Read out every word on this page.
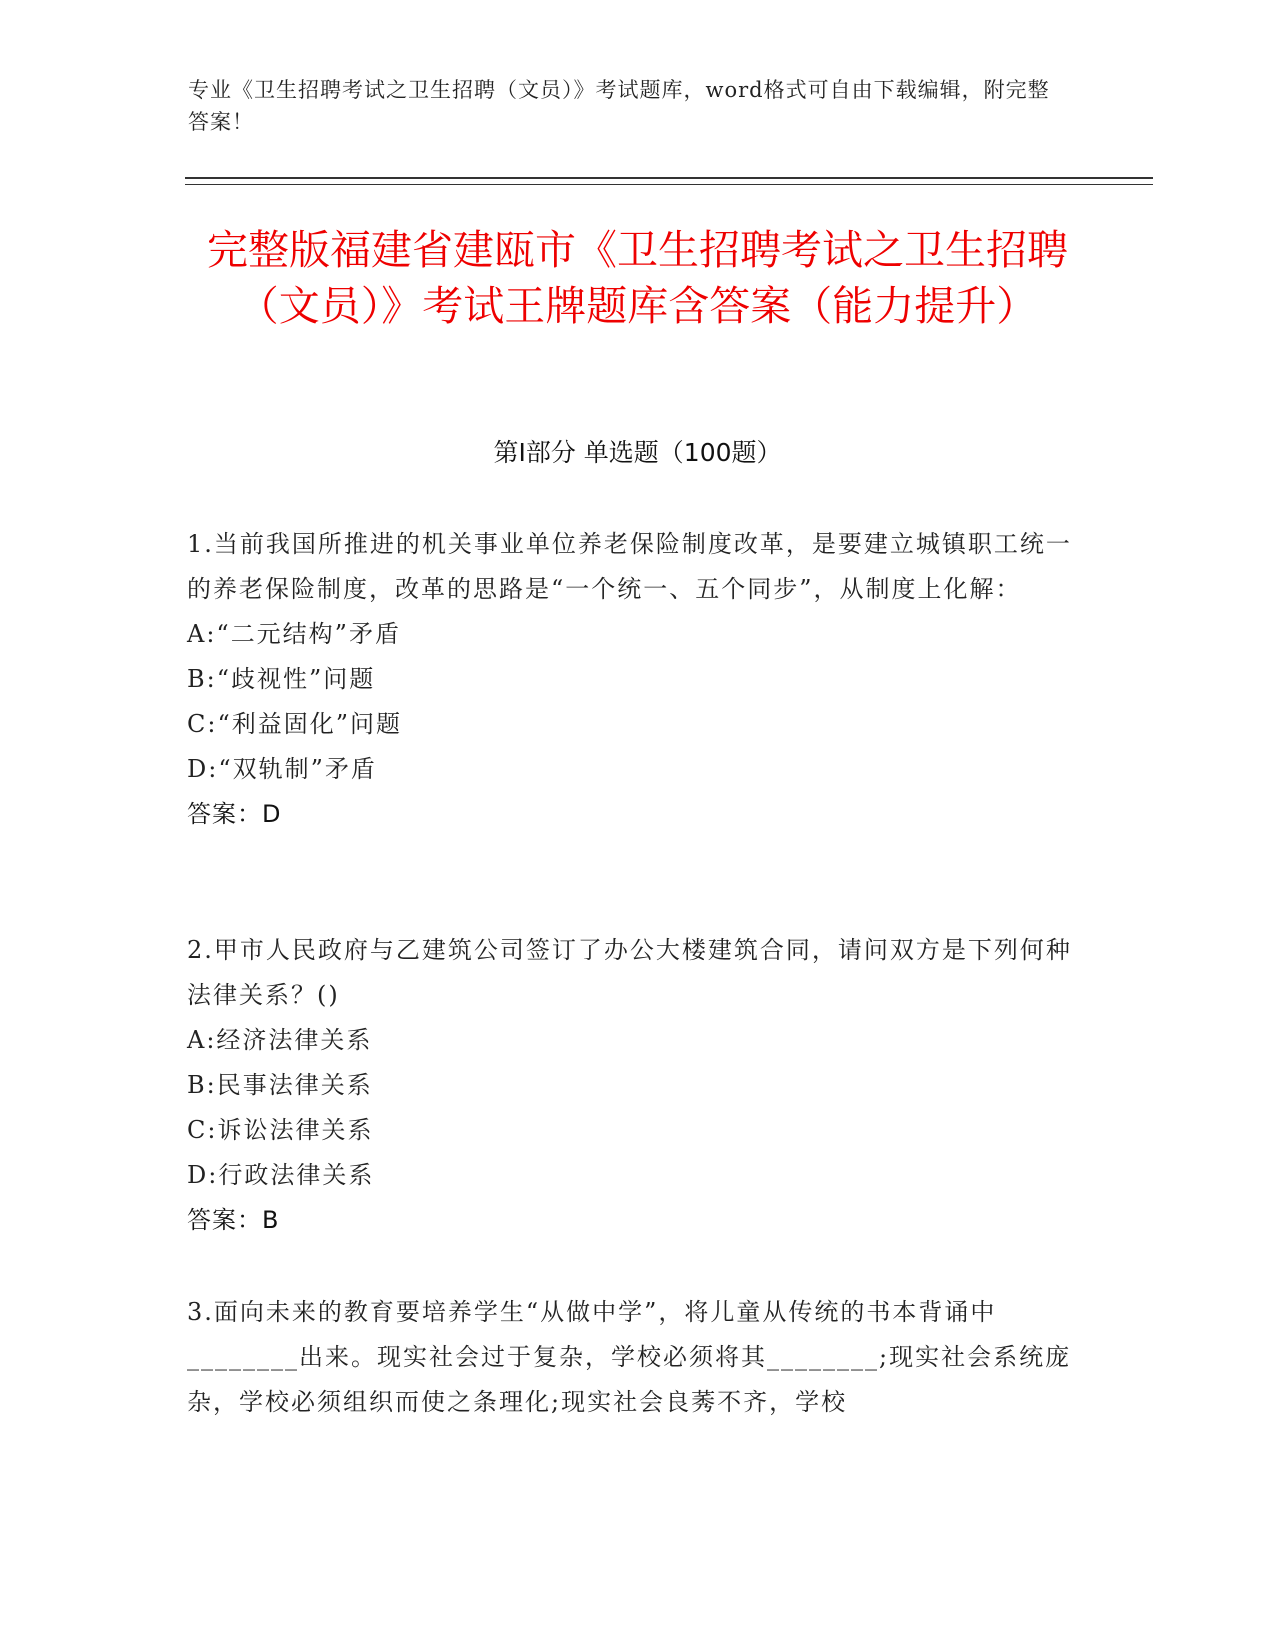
专业《卫生招聘考试之卫生招聘（文员）》考试题库，word格式可自由下载编辑，附完整答案！
完整版福建省建瓯市《卫生招聘考试之卫生招聘（文员）》考试王牌题库含答案（能力提升）
第I部分 单选题（100题）
1.当前我国所推进的机关事业单位养老保险制度改革，是要建立城镇职工统一的养老保险制度，改革的思路是“一个统一、五个同步”，从制度上化解：
A:“二元结构”矛盾
B:“歧视性”问题
C:“利益固化”问题
D:“双轨制”矛盾
答案：D
2.甲市人民政府与乙建筑公司签订了办公大楼建筑合同，请问双方是下列何种法律关系？()
A:经济法律关系
B:民事法律关系
C:诉讼法律关系
D:行政法律关系
答案：B
3.面向未来的教育要培养学生“从做中学”，将儿童从传统的书本背诵中________出来。现实社会过于复杂，学校必须将其________;现实社会系统庞杂，学校必须组织而使之条理化;现实社会良莠不齐，学校
